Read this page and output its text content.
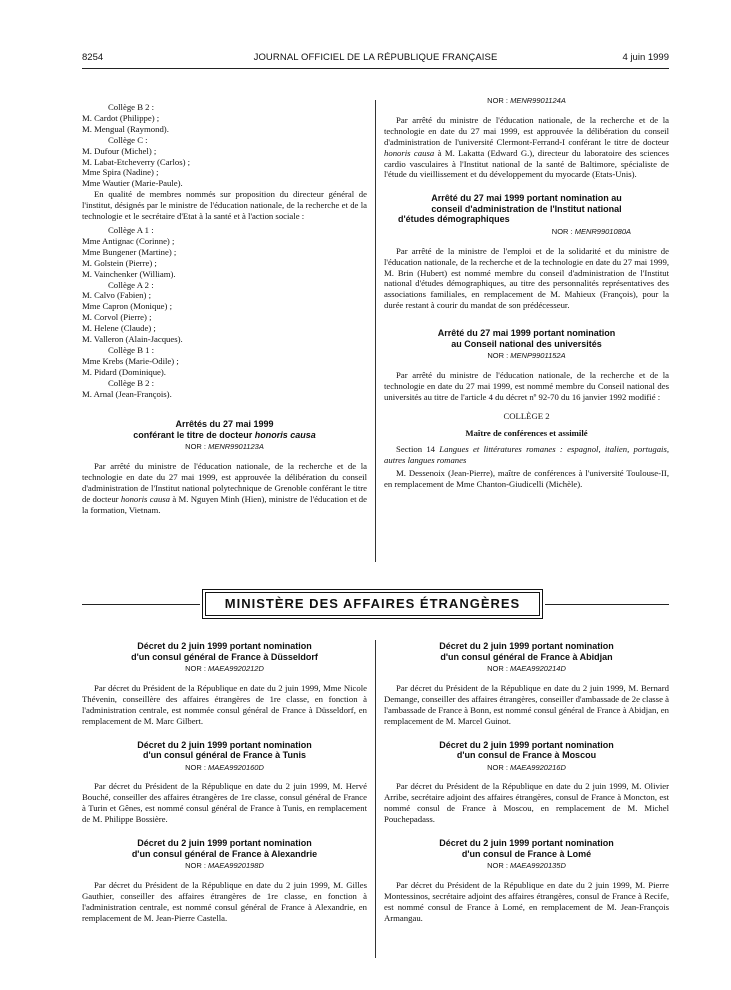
8254	JOURNAL OFFICIEL DE LA RÉPUBLIQUE FRANÇAISE	4 juin 1999

Collège B 2 :

M. Cardot (Philippe) ;

M. Mengual (Raymond).

Collège C :

M. Dufour (Michel) ;

M. Labat-Etcheverry (Carlos) ;

Mme Spira (Nadine) ;

Mme Wautier (Marie-Paule).

En qualité de membres nommés sur proposition du directeur général de l'institut, désignés par le ministre de l'éducation nationale, de la recherche et de la technologie et le secrétaire d'Etat à la santé et à l'action sociale :

Collège A 1 :

Mme Antignac (Corinne) ;

Mme Bungener (Martine) ;

M. Golstein (Pierre) ;

M. Vainchenker (William).

Collège A 2 :

M. Calvo (Fabien) ;

Mme Capron (Monique) ;

M. Corvol (Pierre) ;

M. Helene (Claude) ;

M. Valleron (Alain-Jacques).

Collège B 1 :

Mme Krebs (Marie-Odile) ;

M. Pidard (Dominique).

Collège B 2 :

M. Arnal (Jean-François).

Arrêtés du 27 mai 1999

conférant le titre de docteur honoris causa

NOR : MENR9901123A

Par arrêté du ministre de l'éducation nationale, de la recherche et de la technologie en date du 27 mai 1999, est approuvée la délibération du conseil d'administration de l'Institut national polytechnique de Grenoble conférant le titre de docteur honoris causa à M. Nguyen Minh (Hien), ministre de l'éducation et de la formation, Vietnam.

NOR : MENR9901124A

Par arrêté du ministre de l'éducation nationale, de la recherche et de la technologie en date du 27 mai 1999, est approuvée la délibération du conseil d'administration de l'université Clermont-Ferrand-I conférant le titre de docteur honoris causa à M. Lakatta (Edward G.), directeur du laboratoire des sciences cardio vasculaires à l'Institut national de la santé de Baltimore, spécialiste de l'étude du vieillissement et du développement du myocarde (Etats-Unis).

Arrêté du 27 mai 1999 portant nomination au

conseil d'administration de l'Institut national

d'études démographiques

NOR : MENR9901080A

Par arrêté de la ministre de l'emploi et de la solidarité et du ministre de l'éducation nationale, de la recherche et de la technologie en date du 27 mai 1999, M. Brin (Hubert) est nommé membre du conseil d'administration de l'Institut national d'études démographiques, au titre des personnalités représentatives des associations familiales, en remplacement de M. Mahieux (François), pour la durée restant à courir du mandat de son prédécesseur.

Arrêté du 27 mai 1999 portant nomination

au Conseil national des universités

NOR : MENP9901152A

Par arrêté du ministre de l'éducation nationale, de la recherche et de la technologie en date du 27 mai 1999, est nommé membre du Conseil national des universités au titre de l'article 4 du décret nº 92-70 du 16 janvier 1992 modifié :

COLLÈGE 2

Maître de conférences et assimilé

Section 14 Langues et littératures romanes : espagnol, italien, portugais, autres langues romanes

M. Dessenoix (Jean-Pierre), maître de conférences à l'université Toulouse-II, en remplacement de Mme Chanton-Giudicelli (Michèle).

MINISTÈRE DES AFFAIRES ÉTRANGÈRES

Décret du 2 juin 1999 portant nomination

d'un consul général de France à Düsseldorf

NOR : MAEA9920212D

Par décret du Président de la République en date du 2 juin 1999, Mme Nicole Thévenin, conseillère des affaires étrangères de 1re classe, en fonction à l'administration centrale, est nommée consul général de France à Düsseldorf, en remplacement de M. Marc Gilbert.

Décret du 2 juin 1999 portant nomination

d'un consul général de France à Tunis

NOR : MAEA9920160D

Par décret du Président de la République en date du 2 juin 1999, M. Hervé Bouché, conseiller des affaires étrangères de 1re classe, consul général de France à Turin et Gênes, est nommé consul général de France à Tunis, en remplacement de M. Philippe Bossière.

Décret du 2 juin 1999 portant nomination

d'un consul général de France à Alexandrie

NOR : MAEA9920198D

Par décret du Président de la République en date du 2 juin 1999, M. Gilles Gauthier, conseiller des affaires étrangères de 1re classe, en fonction à l'administration centrale, est nommé consul général de France à Alexandrie, en remplacement de M. Jean-Pierre Castella.

Décret du 2 juin 1999 portant nomination

d'un consul général de France à Abidjan

NOR : MAEA9920214D

Par décret du Président de la République en date du 2 juin 1999, M. Bernard Demange, conseiller des affaires étrangères, conseiller d'ambassade de 2e classe à l'ambassade de France à Bonn, est nommé consul général de France à Abidjan, en remplacement de M. Marcel Guinot.

Décret du 2 juin 1999 portant nomination

d'un consul de France à Moscou

NOR : MAEA9920216D

Par décret du Président de la République en date du 2 juin 1999, M. Olivier Arribe, secrétaire adjoint des affaires étrangères, consul de France à Moncton, est nommé consul de France à Moscou, en remplacement de M. Michel Pouchepadass.

Décret du 2 juin 1999 portant nomination

d'un consul de France à Lomé

NOR : MAEA9920135D

Par décret du Président de la République en date du 2 juin 1999, M. Pierre Montessinos, secrétaire adjoint des affaires étrangères, consul de France à Recife, est nommé consul de France à Lomé, en remplacement de M. Jean-François Armangau.
